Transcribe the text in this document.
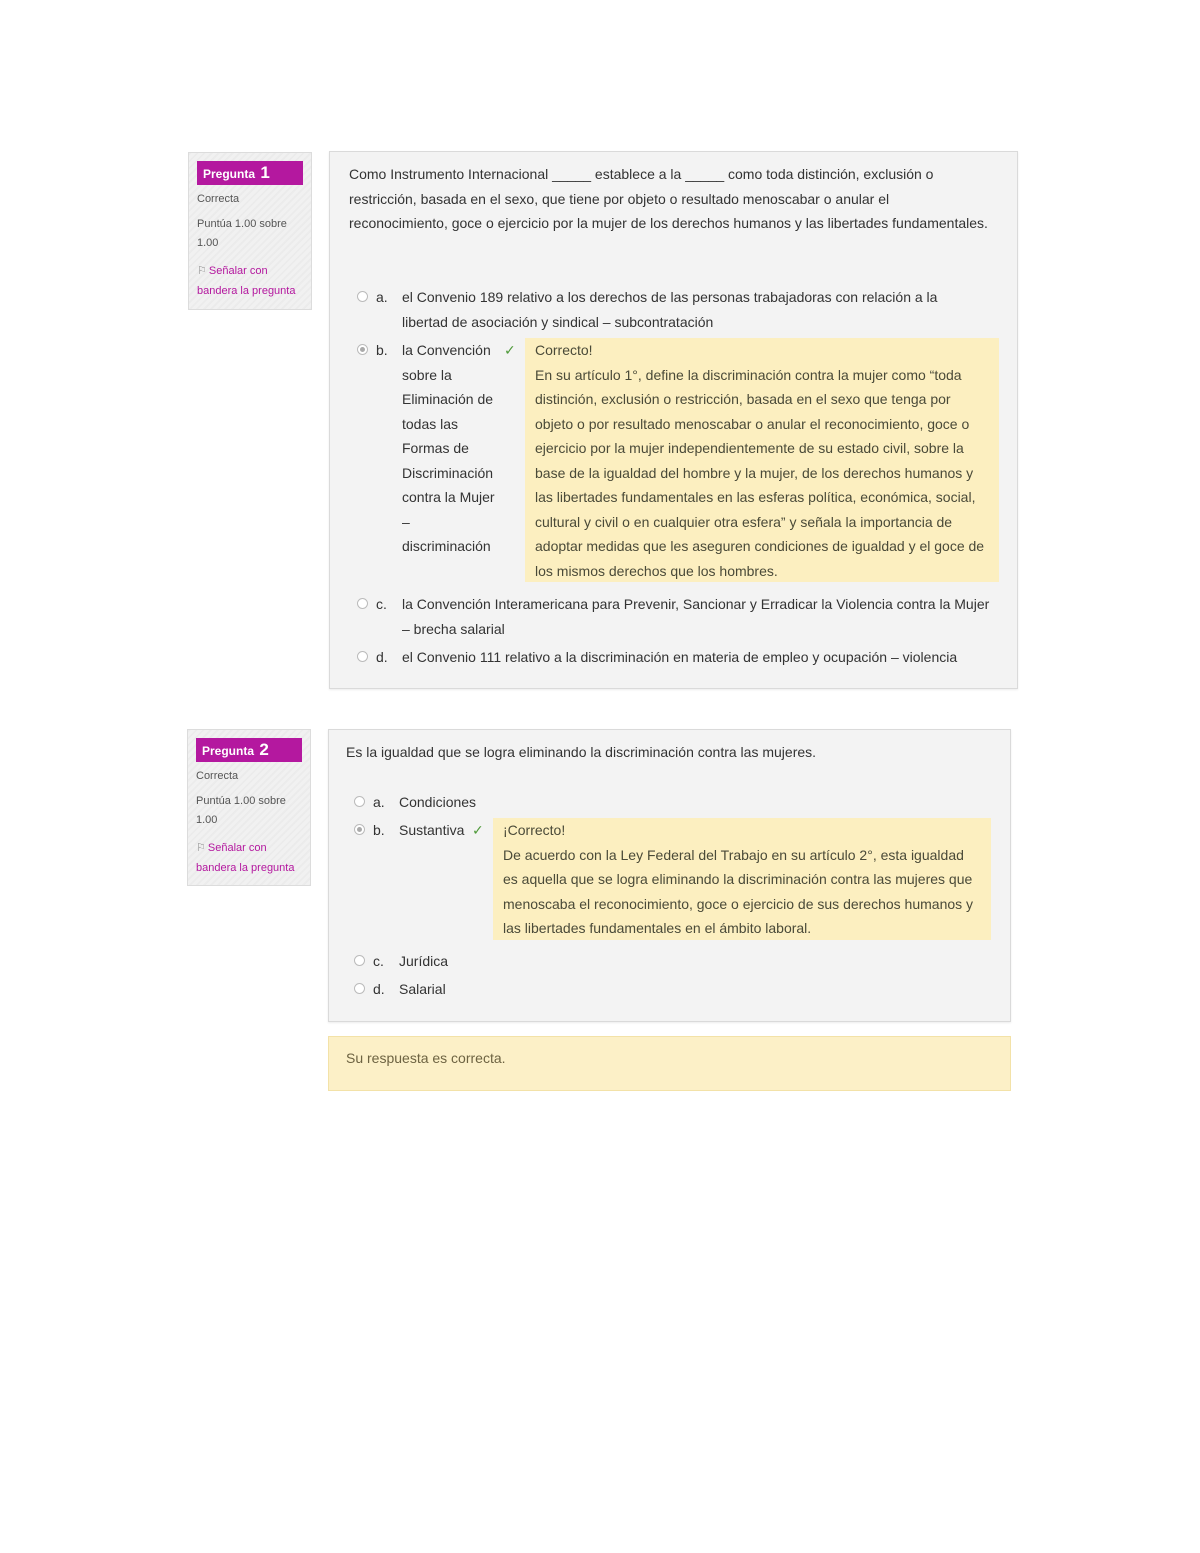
Pregunta 1
Correcta
Puntúa 1.00 sobre 1.00
⚐ Señalar con bandera la pregunta
Como Instrumento Internacional _____ establece a la _____ como toda distinción, exclusión o restricción, basada en el sexo, que tiene por objeto o resultado menoscabar o anular el reconocimiento, goce o ejercicio por la mujer de los derechos humanos y las libertades fundamentales.
a. el Convenio 189 relativo a los derechos de las personas trabajadoras con relación a la libertad de asociación y sindical – subcontratación
b. la Convención sobre la Eliminación de todas las Formas de Discriminación contra la Mujer – discriminación
✓ Correcto!
En su artículo 1°, define la discriminación contra la mujer como “toda distinción, exclusión o restricción, basada en el sexo que tenga por objeto o por resultado menoscabar o anular el reconocimiento, goce o ejercicio por la mujer independientemente de su estado civil, sobre la base de la igualdad del hombre y la mujer, de los derechos humanos y las libertades fundamentales en las esferas política, económica, social, cultural y civil o en cualquier otra esfera” y señala la importancia de adoptar medidas que les aseguren condiciones de igualdad y el goce de los mismos derechos que los hombres.
c. la Convención Interamericana para Prevenir, Sancionar y Erradicar la Violencia contra la Mujer – brecha salarial
d. el Convenio 111 relativo a la discriminación en materia de empleo y ocupación – violencia
Pregunta 2
Correcta
Puntúa 1.00 sobre 1.00
⚐ Señalar con bandera la pregunta
Es la igualdad que se logra eliminando la discriminación contra las mujeres.
a. Condiciones
b. Sustantiva ✓ ¡Correcto!
De acuerdo con la Ley Federal del Trabajo en su artículo 2°, esta igualdad es aquella que se logra eliminando la discriminación contra las mujeres que menoscaba el reconocimiento, goce o ejercicio de sus derechos humanos y las libertades fundamentales en el ámbito laboral.
c. Jurídica
d. Salarial
Su respuesta es correcta.
